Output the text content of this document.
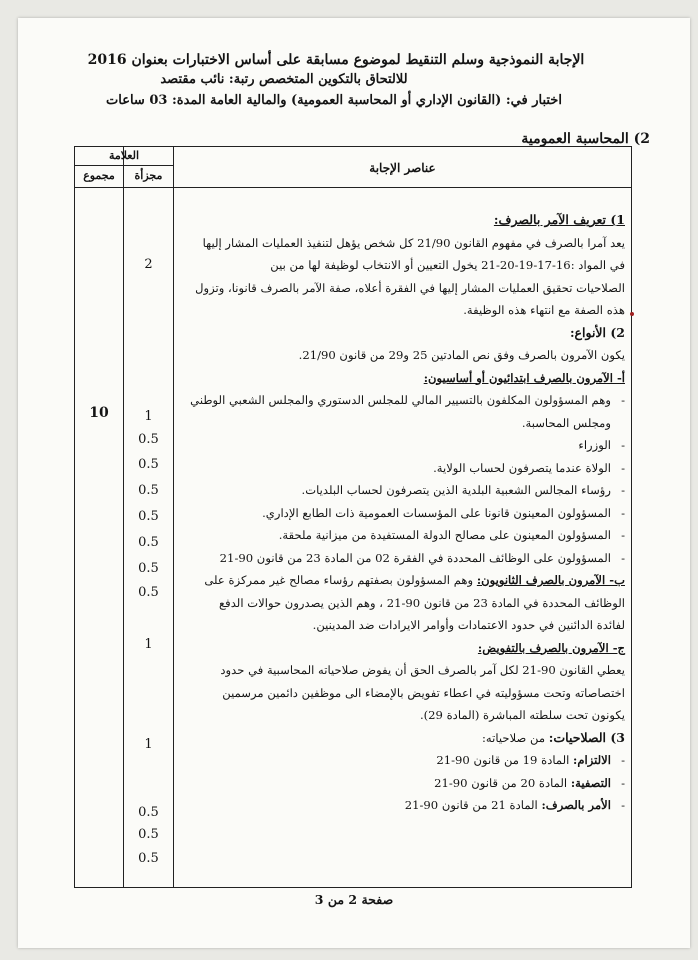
الإجابة النموذجية وسلم التنقيط لموضوع مسابقة على أساس الاختبارات بعنوان 2016
للالتحاق بالتكوين المتخصص رتبة: نائب مقتصد
اختبار في: (القانون الإداري أو المحاسبة العمومية) والمالية العامة المدة: 03 ساعات
2) المحاسبة العمومية
العلامة
مجموع	مجزأة
عناصر الإجابة
10
2
1
0.5
0.5
0.5
0.5
0.5
0.5
0.5
1
1
0.5
0.5
0.5

1) تعريف الآمر بالصرف:

يعد آمرا بالصرف في مفهوم القانون 21/90 كل شخص يؤهل لتنفيذ العمليات المشار إليها

في المواد :16-17-19-20-21 يخول التعيين أو الانتخاب لوظيفة لها من بين

الصلاحيات تحقيق العمليات المشار إليها في الفقرة أعلاه، صفة الآمر بالصرف قانونا، وتزول

هذه الصفة مع انتهاء هذه الوظيفة.

2) الأنواع:

يكون الآمرون بالصرف وفق نص المادتين 25 و29 من قانون 21/90.

أ- الآمرون بالصرف ابتدائيون أو أساسيون:

-وهم المسؤولون المكلفون بالتسيير المالي للمجلس الدستوري والمجلس الشعبي الوطني

ومجلس المحاسبة.

-الوزراء

-الولاة عندما يتصرفون لحساب الولاية.

-رؤساء المجالس الشعبية البلدية الذين يتصرفون لحساب البلديات.

-المسؤولون المعينون قانونا على المؤسسات العمومية ذات الطابع الإداري.

-المسؤولون المعينون على مصالح الدولة المستفيدة من ميزانية ملحقة.

-المسؤولون على الوظائف المحددة في الفقرة 02 من المادة 23 من قانون 90-21

ب- الآمرون بالصرف الثانويون: وهم المسؤولون بصفتهم رؤساء مصالح غير ممركزة على

الوظائف المحددة في المادة 23 من قانون 90-21 ، وهم الذين يصدرون حوالات الدفع

لفائدة الدائنين في حدود الاعتمادات وأوامر الايرادات ضد المدينين.

ج- الآمرون بالصرف بالتفويض:

يعطي القانون 90-21 لكل آمر بالصرف الحق أن يفوض صلاحياته المحاسبية في حدود

اختصاصاته وتحت مسؤوليته في اعطاء تفويض بالإمضاء الى موظفين دائمين مرسمين

يكونون تحت سلطته المباشرة (المادة 29).

3) الصلاحيات: من صلاحياته:

-الالتزام: المادة 19 من قانون 90-21

-التصفية: المادة 20 من قانون 90-21

-الأمر بالصرف: المادة 21 من قانون 90-21

صفحة 2 من 3
